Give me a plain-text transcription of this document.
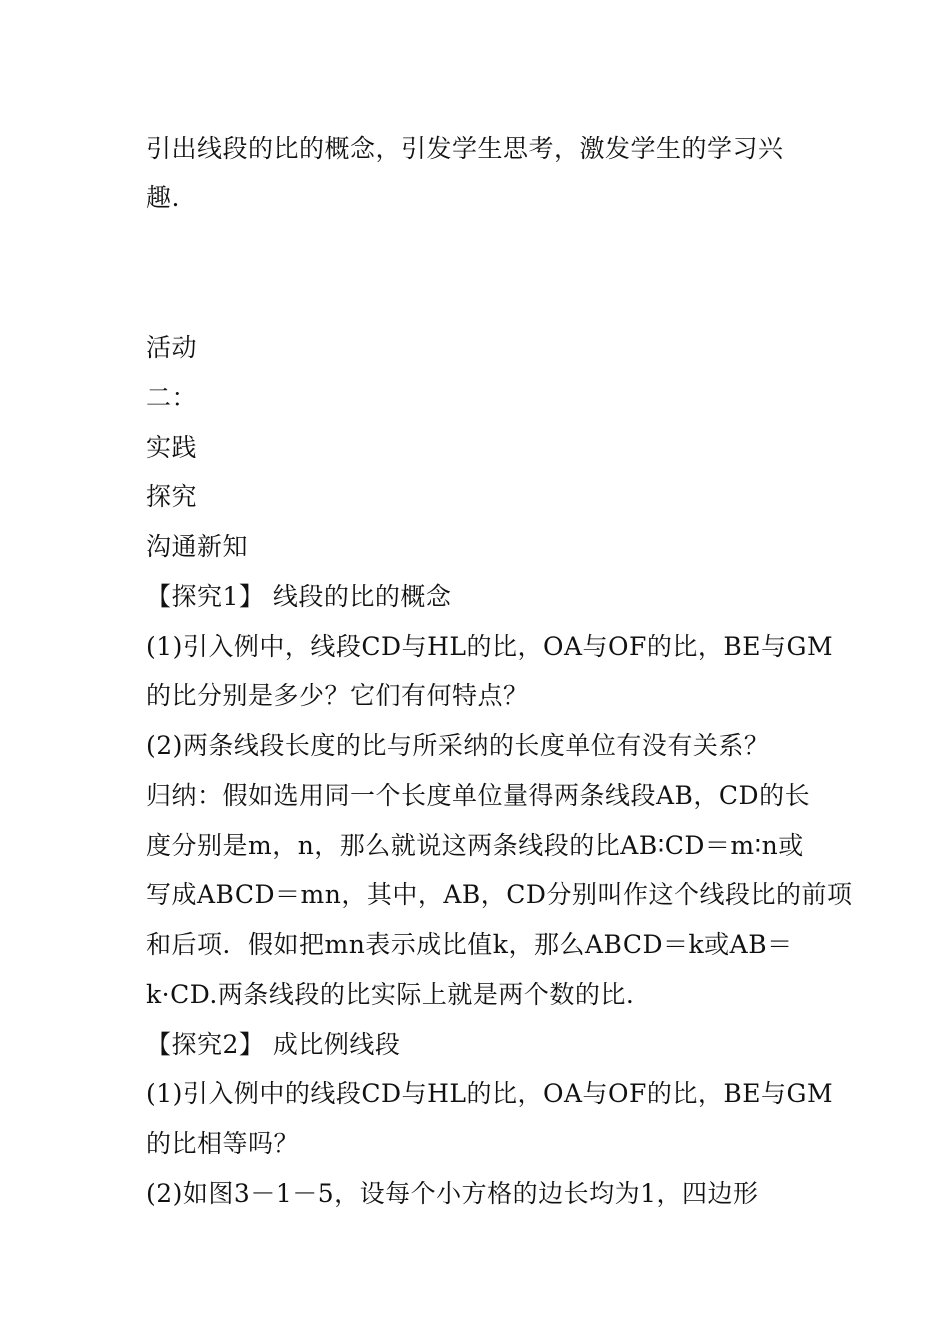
引出线段的比的概念，引发学生思考，激发学生的学习兴
趣.
活动
二：
实践
探究
沟通新知
【探究1】 线段的比的概念
(1)引入例中，线段CD与HL的比，OA与OF的比，BE与GM
的比分别是多少？它们有何特点？
(2)两条线段长度的比与所采纳的长度单位有没有关系？
归纳：假如选用同一个长度单位量得两条线段AB，CD的长
度分别是m，n，那么就说这两条线段的比AB∶CD＝m∶n或
写成ABCD＝mn，其中，AB，CD分别叫作这个线段比的前项
和后项．假如把mn表示成比值k，那么ABCD＝k或AB＝
k·CD.两条线段的比实际上就是两个数的比.
【探究2】 成比例线段
(1)引入例中的线段CD与HL的比，OA与OF的比，BE与GM
的比相等吗？
(2)如图3－1－5，设每个小方格的边长均为1，四边形
